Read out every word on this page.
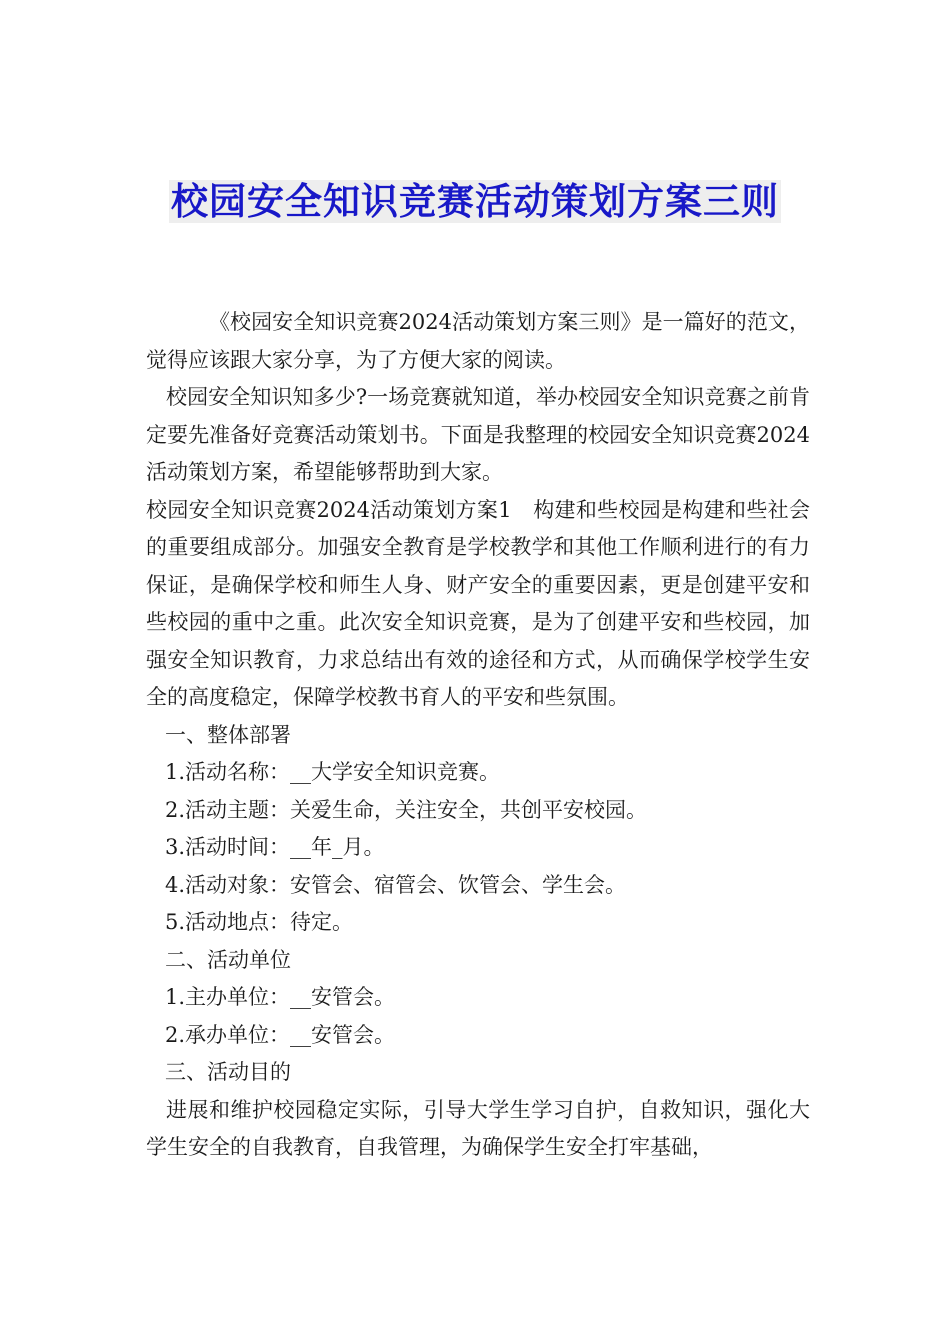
校园安全知识竞赛活动策划方案三则

《校园安全知识竞赛2024活动策划方案三则》是一篇好的范文，觉得应该跟大家分享，为了方便大家的阅读。

校园安全知识知多少?一场竞赛就知道，举办校园安全知识竞赛之前肯定要先准备好竞赛活动策划书。下面是我整理的校园安全知识竞赛2024活动策划方案，希望能够帮助到大家。

校园安全知识竞赛2024活动策划方案1　构建和些校园是构建和些社会的重要组成部分。加强安全教育是学校教学和其他工作顺利进行的有力保证，是确保学校和师生人身、财产安全的重要因素，更是创建平安和些校园的重中之重。此次安全知识竞赛，是为了创建平安和些校园，加强安全知识教育，力求总结出有效的途径和方式，从而确保学校学生安全的高度稳定，保障学校教书育人的平安和些氛围。

一、整体部署

1.活动名称：__大学安全知识竞赛。

2.活动主题：关爱生命，关注安全，共创平安校园。

3.活动时间：__年_月。

4.活动对象：安管会、宿管会、饮管会、学生会。

5.活动地点：待定。

二、活动单位

1.主办单位：__安管会。

2.承办单位：__安管会。

三、活动目的

进展和维护校园稳定实际，引导大学生学习自护，自救知识，强化大学生安全的自我教育，自我管理，为确保学生安全打牢基础，
